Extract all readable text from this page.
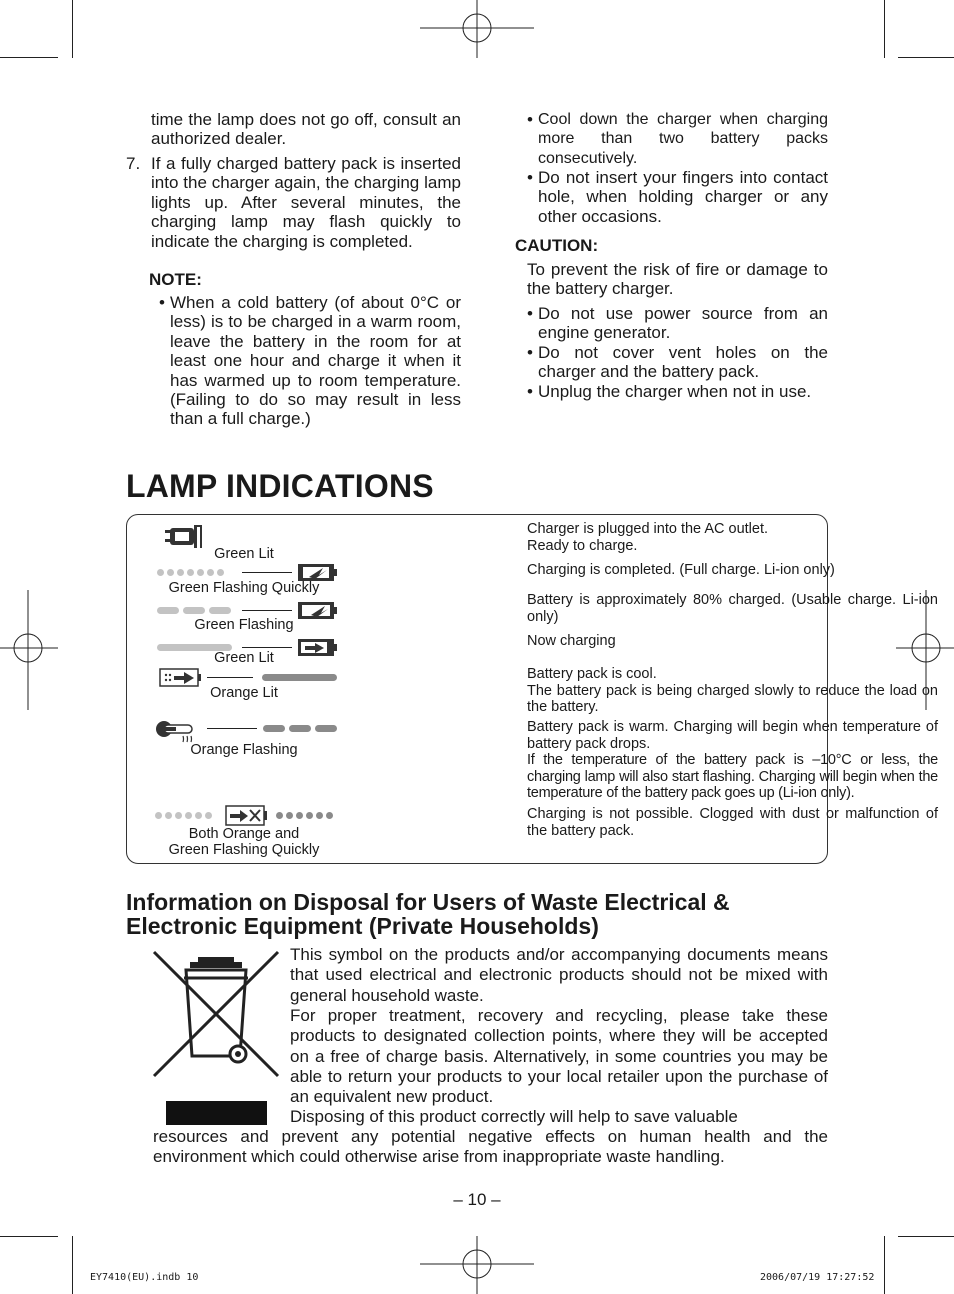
time the lamp does not go off, consult an authorized dealer.
7. If a fully charged battery pack is inserted into the charger again, the charging lamp lights up. After several minutes, the charging lamp may flash quickly to indicate the charging is completed.
NOTE:
• When a cold battery (of about 0°C or less) is to be charged in a warm room, leave the battery in the room for at least one hour and charge it when it has warmed up to room temperature. (Failing to do so may result in less than a full charge.)
• Cool down the charger when charging more than two battery packs consecutively.
• Do not insert your fingers into contact hole, when holding charger or any other occasions.
CAUTION:
To prevent the risk of fire or damage to the battery charger.
• Do not use power source from an engine generator.
• Do not cover vent holes on the charger and the battery pack.
• Unplug the charger when not in use.
LAMP INDICATIONS
Green Lit

Charger is plugged into the AC outlet.

Ready to charge.

Green Flashing Quickly

Charging is completed. (Full charge. Li-ion only)

Green Flashing

Battery is approximately 80% charged. (Usable charge. Li-ion only)

Green Lit

Now charging

Orange Lit

Battery pack is cool.

The battery pack is being charged slowly to reduce the load on the battery.

Orange Flashing

Battery pack is warm. Charging will begin when temperature of battery pack drops.

If the temperature of the battery pack is –10°C or less, the charging lamp will also start flashing. Charging will begin when the temperature of the battery pack goes up (Li-ion only).

Both Orange and
Green Flashing Quickly

Charging is not possible. Clogged with dust or malfunction of the battery pack.

Information on Disposal for Users of Waste Electrical & Electronic Equipment (Private Households)
This symbol on the products and/or accompanying documents means that used electrical and electronic products should not be mixed with general household waste.
For proper treatment, recovery and recycling, please take these products to designated collection points, where they will be accepted on a free of charge basis. Alternatively, in some countries you may be able to return your products to your local retailer upon the purchase of an equivalent new product.
Disposing of this product correctly will help to save valuable
resources and prevent any potential negative effects on human health and the environment which could otherwise arise from inappropriate waste handling.
– 10 –
EY7410(EU).indb 10	2006/07/19 17:27:52
